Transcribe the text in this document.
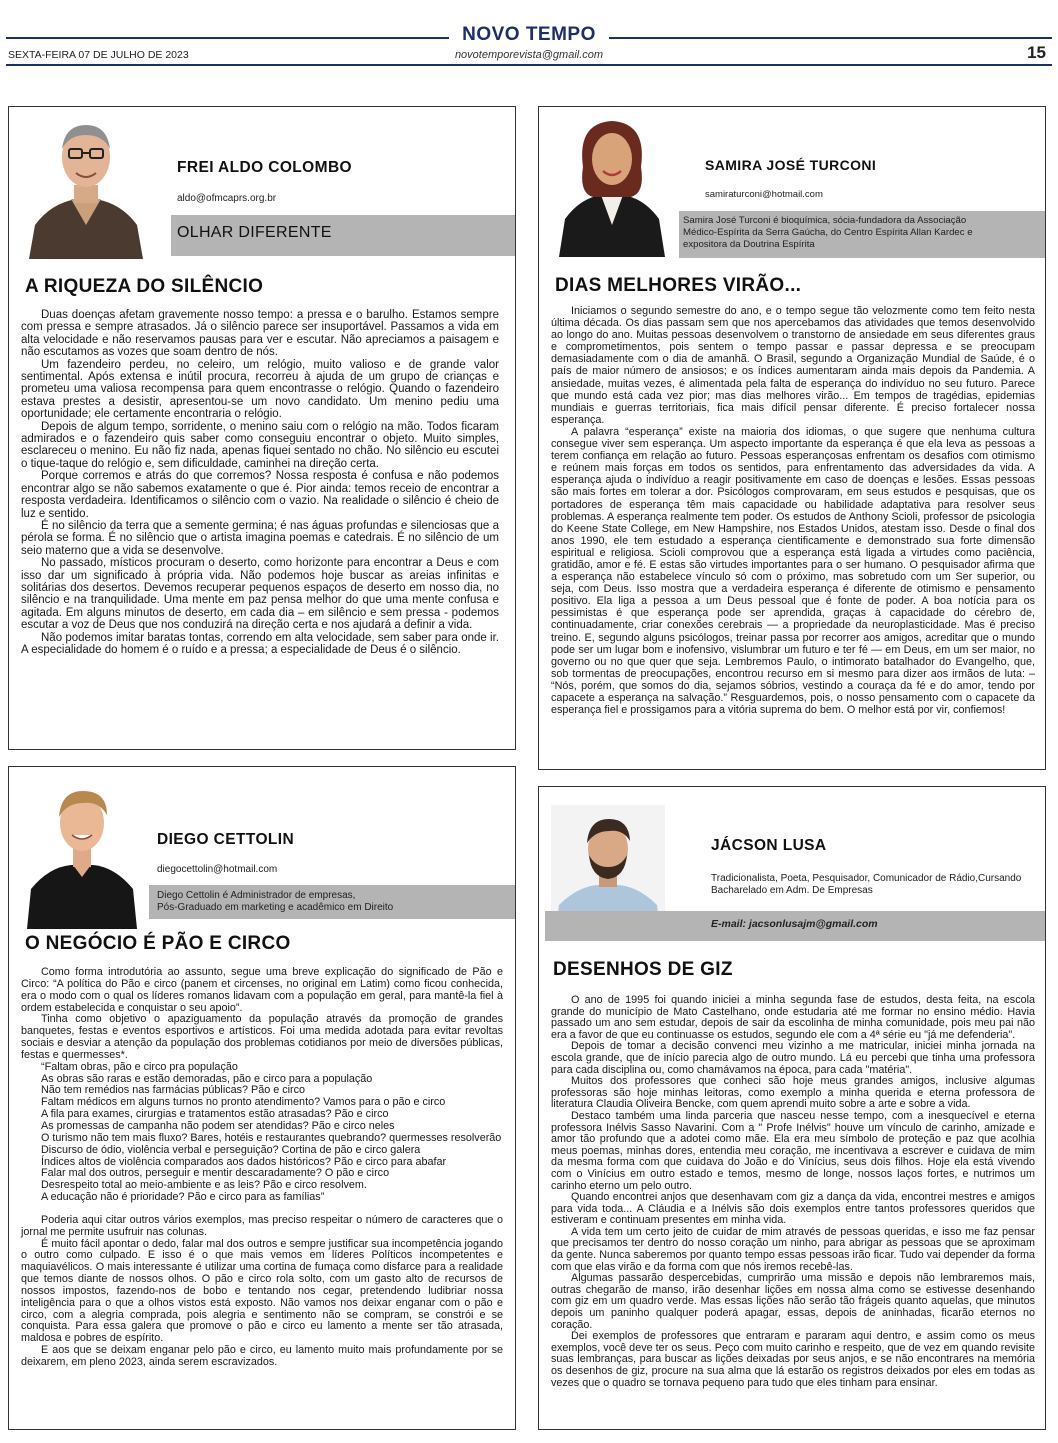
NOVO TEMPO
novotemporevista@gmail.com
SEXTA-FEIRA 07 DE JULHO DE 2023	15
FREI ALDO COLOMBO
aldo@ofmcaprs.org.br
OLHAR DIFERENTE
A RIQUEZA DO SILÊNCIO

Duas doenças afetam gravemente nosso tempo: a pressa e o barulho. Estamos sempre com pressa e sempre atrasados. Já o silêncio parece ser insuportável. Passamos a vida em alta velocidade e não reservamos pausas para ver e escutar. Não apreciamos a paisagem e não escutamos as vozes que soam dentro de nós.

Um fazendeiro perdeu, no celeiro, um relógio, muito valioso e de grande valor sentimental. Após extensa e inútil procura, recorreu à ajuda de um grupo de crianças e prometeu uma valiosa recompensa para quem encontrasse o relógio. Quando o fazendeiro estava prestes a desistir, apresentou-se um novo candidato. Um menino pediu uma oportunidade; ele certamente encontraria o relógio.

Depois de algum tempo, sorridente, o menino saiu com o relógio na mão. Todos ficaram admirados e o fazendeiro quis saber como conseguiu encontrar o objeto. Muito simples, esclareceu o menino. Eu não fiz nada, apenas fiquei sentado no chão. No silêncio eu escutei o tique-taque do relógio e, sem dificuldade, caminhei na direção certa.

Porque corremos e atrás do que corremos? Nossa resposta é confusa e não podemos encontrar algo se não sabemos exatamente o que é. Pior ainda: temos receio de encontrar a resposta verdadeira. Identificamos o silêncio com o vazio. Na realidade o silêncio é cheio de luz e sentido.

É no silêncio da terra que a semente germina; é nas águas profundas e silenciosas que a pérola se forma. É no silêncio que o artista imagina poemas e catedrais. É no silêncio de um seio materno que a vida se desenvolve.

No passado, místicos procuram o deserto, como horizonte para encontrar a Deus e com isso dar um significado à própria vida. Não podemos hoje buscar as areias infinitas e solitárias dos desertos. Devemos recuperar pequenos espaços de deserto em nosso dia, no silêncio e na tranquilidade. Uma mente em paz pensa melhor do que uma mente confusa e agitada. Em alguns minutos de deserto, em cada dia – em silêncio e sem pressa - podemos escutar a voz de Deus que nos conduzirá na direção certa e nos ajudará a definir a vida.

Não podemos imitar baratas tontas, correndo em alta velocidade, sem saber para onde ir. A especialidade do homem é o ruído e a pressa; a especialidade de Deus é o silêncio.

SAMIRA JOSÉ TURCONI
samiraturconi@hotmail.com
Samira José Turconi é bioquímica, sócia-fundadora da Associação Médico-Espírita da Serra Gaúcha, do Centro Espírita Allan Kardec e expositora da Doutrina Espírita
DIAS MELHORES VIRÃO...

Iniciamos o segundo semestre do ano, e o tempo segue tão velozmente como tem feito nesta última década. Os dias passam sem que nos apercebamos das atividades que temos desenvolvido ao longo do ano. Muitas pessoas desenvolvem o transtorno de ansiedade em seus diferentes graus e comprometimentos, pois sentem o tempo passar e passar depressa e se preocupam demasiadamente com o dia de amanhã. O Brasil, segundo a Organização Mundial de Saúde, é o país de maior número de ansiosos; e os índices aumentaram ainda mais depois da Pandemia. A ansiedade, muitas vezes, é alimentada pela falta de esperança do indivíduo no seu futuro. Parece que mundo está cada vez pior; mas dias melhores virão... Em tempos de tragédias, epidemias mundiais e guerras territoriais, fica mais difícil pensar diferente. É preciso fortalecer nossa esperança.

A palavra “esperança” existe na maioria dos idiomas, o que sugere que nenhuma cultura consegue viver sem esperança. Um aspecto importante da esperança é que ela leva as pessoas a terem confiança em relação ao futuro. Pessoas esperançosas enfrentam os desafios com otimismo e reúnem mais forças em todos os sentidos, para enfrentamento das adversidades da vida. A esperança ajuda o indivíduo a reagir positivamente em caso de doenças e lesões. Essas pessoas são mais fortes em tolerar a dor. Psicólogos comprovaram, em seus estudos e pesquisas, que os portadores de esperança têm mais capacidade ou habilidade adaptativa para resolver seus problemas. A esperança realmente tem poder. Os estudos de Anthony Scioli, professor de psicologia do Keene State College, em New Hampshire, nos Estados Unidos, atestam isso. Desde o final dos anos 1990, ele tem estudado a esperança cientificamente e demonstrado sua forte dimensão espiritual e religiosa. Scioli comprovou que a esperança está ligada a virtudes como paciência, gratidão, amor e fé. E estas são virtudes importantes para o ser humano. O pesquisador afirma que a esperança não estabelece vínculo só com o próximo, mas sobretudo com um Ser superior, ou seja, com Deus. Isso mostra que a verdadeira esperança é diferente de otimismo e pensamento positivo. Ela liga a pessoa a um Deus pessoal que é fonte de poder. A boa notícia para os pessimistas é que esperança pode ser aprendida, graças à capacidade do cérebro de, continuadamente, criar conexões cerebrais — a propriedade da neuroplasticidade. Mas é preciso treino. E, segundo alguns psicólogos, treinar passa por recorrer aos amigos, acreditar que o mundo pode ser um lugar bom e inofensivo, vislumbrar um futuro e ter fé — em Deus, em um ser maior, no governo ou no que quer que seja. Lembremos Paulo, o intimorato batalhador do Evangelho, que, sob tormentas de preocupações, encontrou recurso em si mesmo para dizer aos irmãos de luta: – “Nós, porém, que somos do dia, sejamos sóbrios, vestindo a couraça da fé e do amor, tendo por capacete a esperança na salvação.” Resguardemos, pois, o nosso pensamento com o capacete da esperança fiel e prossigamos para a vitória suprema do bem. O melhor está por vir, confiemos!

DIEGO CETTOLIN
diegocettolin@hotmail.com
Diego Cettolin é Administrador de empresas,
Pós-Graduado em marketing e acadêmico em Direito
O NEGÓCIO É PÃO E CIRCO

Como forma introdutória ao assunto, segue uma breve explicação do significado de Pão e Circo: “A política do Pão e circo (panem et circenses, no original em Latim) como ficou conhecida, era o modo com o qual os líderes romanos lidavam com a população em geral, para mantê-la fiel à ordem estabelecida e conquistar o seu apoio”.

Tinha como objetivo o apaziguamento da população através da promoção de grandes banquetes, festas e eventos esportivos e artísticos. Foi uma medida adotada para evitar revoltas sociais e desviar a atenção da população dos problemas cotidianos por meio de diversões públicas, festas e quermesses*.

“Faltam obras, pão e circo pra população
As obras são raras e estão demoradas, pão e circo para a população
Não tem remédios nas farmácias públicas? Pão e circo
Faltam médicos em alguns turnos no pronto atendimento? Vamos para o pão e circo
A fila para exames, cirurgias e tratamentos estão atrasadas? Pão e circo
As promessas de campanha não podem ser atendidas? Pão e circo neles
O turismo não tem mais fluxo? Bares, hotéis e restaurantes quebrando? quermesses resolverão
Discurso de ódio, violência verbal e perseguição? Cortina de pão e circo galera
Índices altos de violência comparados aos dados históricos? Pão e circo para abafar
Falar mal dos outros, perseguir e mentir descaradamente? O pão e circo
Desrespeito total ao meio-ambiente e as leis? Pão e circo resolvem.
A educação não é prioridade? Pão e circo para as famílias”

Poderia aqui citar outros vários exemplos, mas preciso respeitar o número de caracteres que o jornal me permite usufruir nas colunas.

É muito fácil apontar o dedo, falar mal dos outros e sempre justificar sua incompetência jogando o outro como culpado. E isso é o que mais vemos em líderes Políticos incompetentes e maquiavélicos. O mais interessante é utilizar uma cortina de fumaça como disfarce para a realidade que temos diante de nossos olhos. O pão e circo rola solto, com um gasto alto de recursos de nossos impostos, fazendo-nos de bobo e tentando nos cegar, pretendendo ludibriar nossa inteligência para o que a olhos vistos está exposto. Não vamos nos deixar enganar com o pão e circo, com a alegria comprada, pois alegria e sentimento não se compram, se constrói e se conquista. Para essa galera que promove o pão e circo eu lamento a mente ser tão atrasada, maldosa e pobres de espírito.

E aos que se deixam enganar pelo pão e circo, eu lamento muito mais profundamente por se deixarem, em pleno 2023, ainda serem escravizados.

JÁCSON LUSA
Tradicionalista, Poeta, Pesquisador, Comunicador de Rádio,Cursando
Bacharelado em Adm. De Empresas
E-mail: jacsonlusajm@gmail.com
DESENHOS DE GIZ

O ano de 1995 foi quando iniciei a minha segunda fase de estudos, desta feita, na escola grande do município de Mato Castelhano, onde estudaria até me formar no ensino médio. Havia passado um ano sem estudar, depois de sair da escolinha de minha comunidade, pois meu pai não era a favor de que eu continuasse os estudos, segundo ele com a 4ª série eu "já me defenderia".

Depois de tomar a decisão convenci meu vizinho a me matricular, iniciei minha jornada na escola grande, que de início parecia algo de outro mundo. Lá eu percebi que tinha uma professora para cada disciplina ou, como chamávamos na época, para cada "matéria".

Muitos dos professores que conheci são hoje meus grandes amigos, inclusive algumas professoras são hoje minhas leitoras, como exemplo a minha querida e eterna professora de literatura Claudia Oliveira Bencke, com quem aprendi muito sobre a arte e sobre a vida.

Destaco também uma linda parceria que nasceu nesse tempo, com a inesquecível e eterna professora Inélvis Sasso Navarini. Com a " Profe Inélvis" houve um vínculo de carinho, amizade e amor tão profundo que a adotei como mãe. Ela era meu símbolo de proteção e paz que acolhia meus poemas, minhas dores, entendia meu coração, me incentivava a escrever e cuidava de mim da mesma forma com que cuidava do João e do Vinícius, seus dois filhos. Hoje ela está vivendo com o Vinícius em outro estado e temos, mesmo de longe, nossos laços fortes, e nutrimos um carinho eterno um pelo outro.

Quando encontrei anjos que desenhavam com giz a dança da vida, encontrei mestres e amigos para vida toda... A Cláudia e a Inélvis são dois exemplos entre tantos professores queridos que estiveram e continuam presentes em minha vida.

A vida tem um certo jeito de cuidar de mim através de pessoas queridas, e isso me faz pensar que precisamos ter dentro do nosso coração um ninho, para abrigar as pessoas que se aproximam da gente. Nunca saberemos por quanto tempo essas pessoas irão ficar. Tudo vai depender da forma com que elas virão e da forma com que nós iremos recebê-las.

Algumas passarão despercebidas, cumprirão uma missão e depois não lembraremos mais, outras chegarão de manso, irão desenhar lições em nossa alma como se estivesse desenhando com giz em um quadro verde. Mas essas lições não serão tão frágeis quanto aquelas, que minutos depois um paninho qualquer poderá apagar, essas, depois de aninhadas, ficarão eternos no coração.

Dei exemplos de professores que entraram e pararam aqui dentro, e assim como os meus exemplos, você deve ter os seus. Peço com muito carinho e respeito, que de vez em quando revisite suas lembranças, para buscar as lições deixadas por seus anjos, e se não encontrares na memória os desenhos de giz, procure na sua alma que lá estarão os registros deixados por eles em todas as vezes que o quadro se tornava pequeno para tudo que eles tinham para ensinar.
